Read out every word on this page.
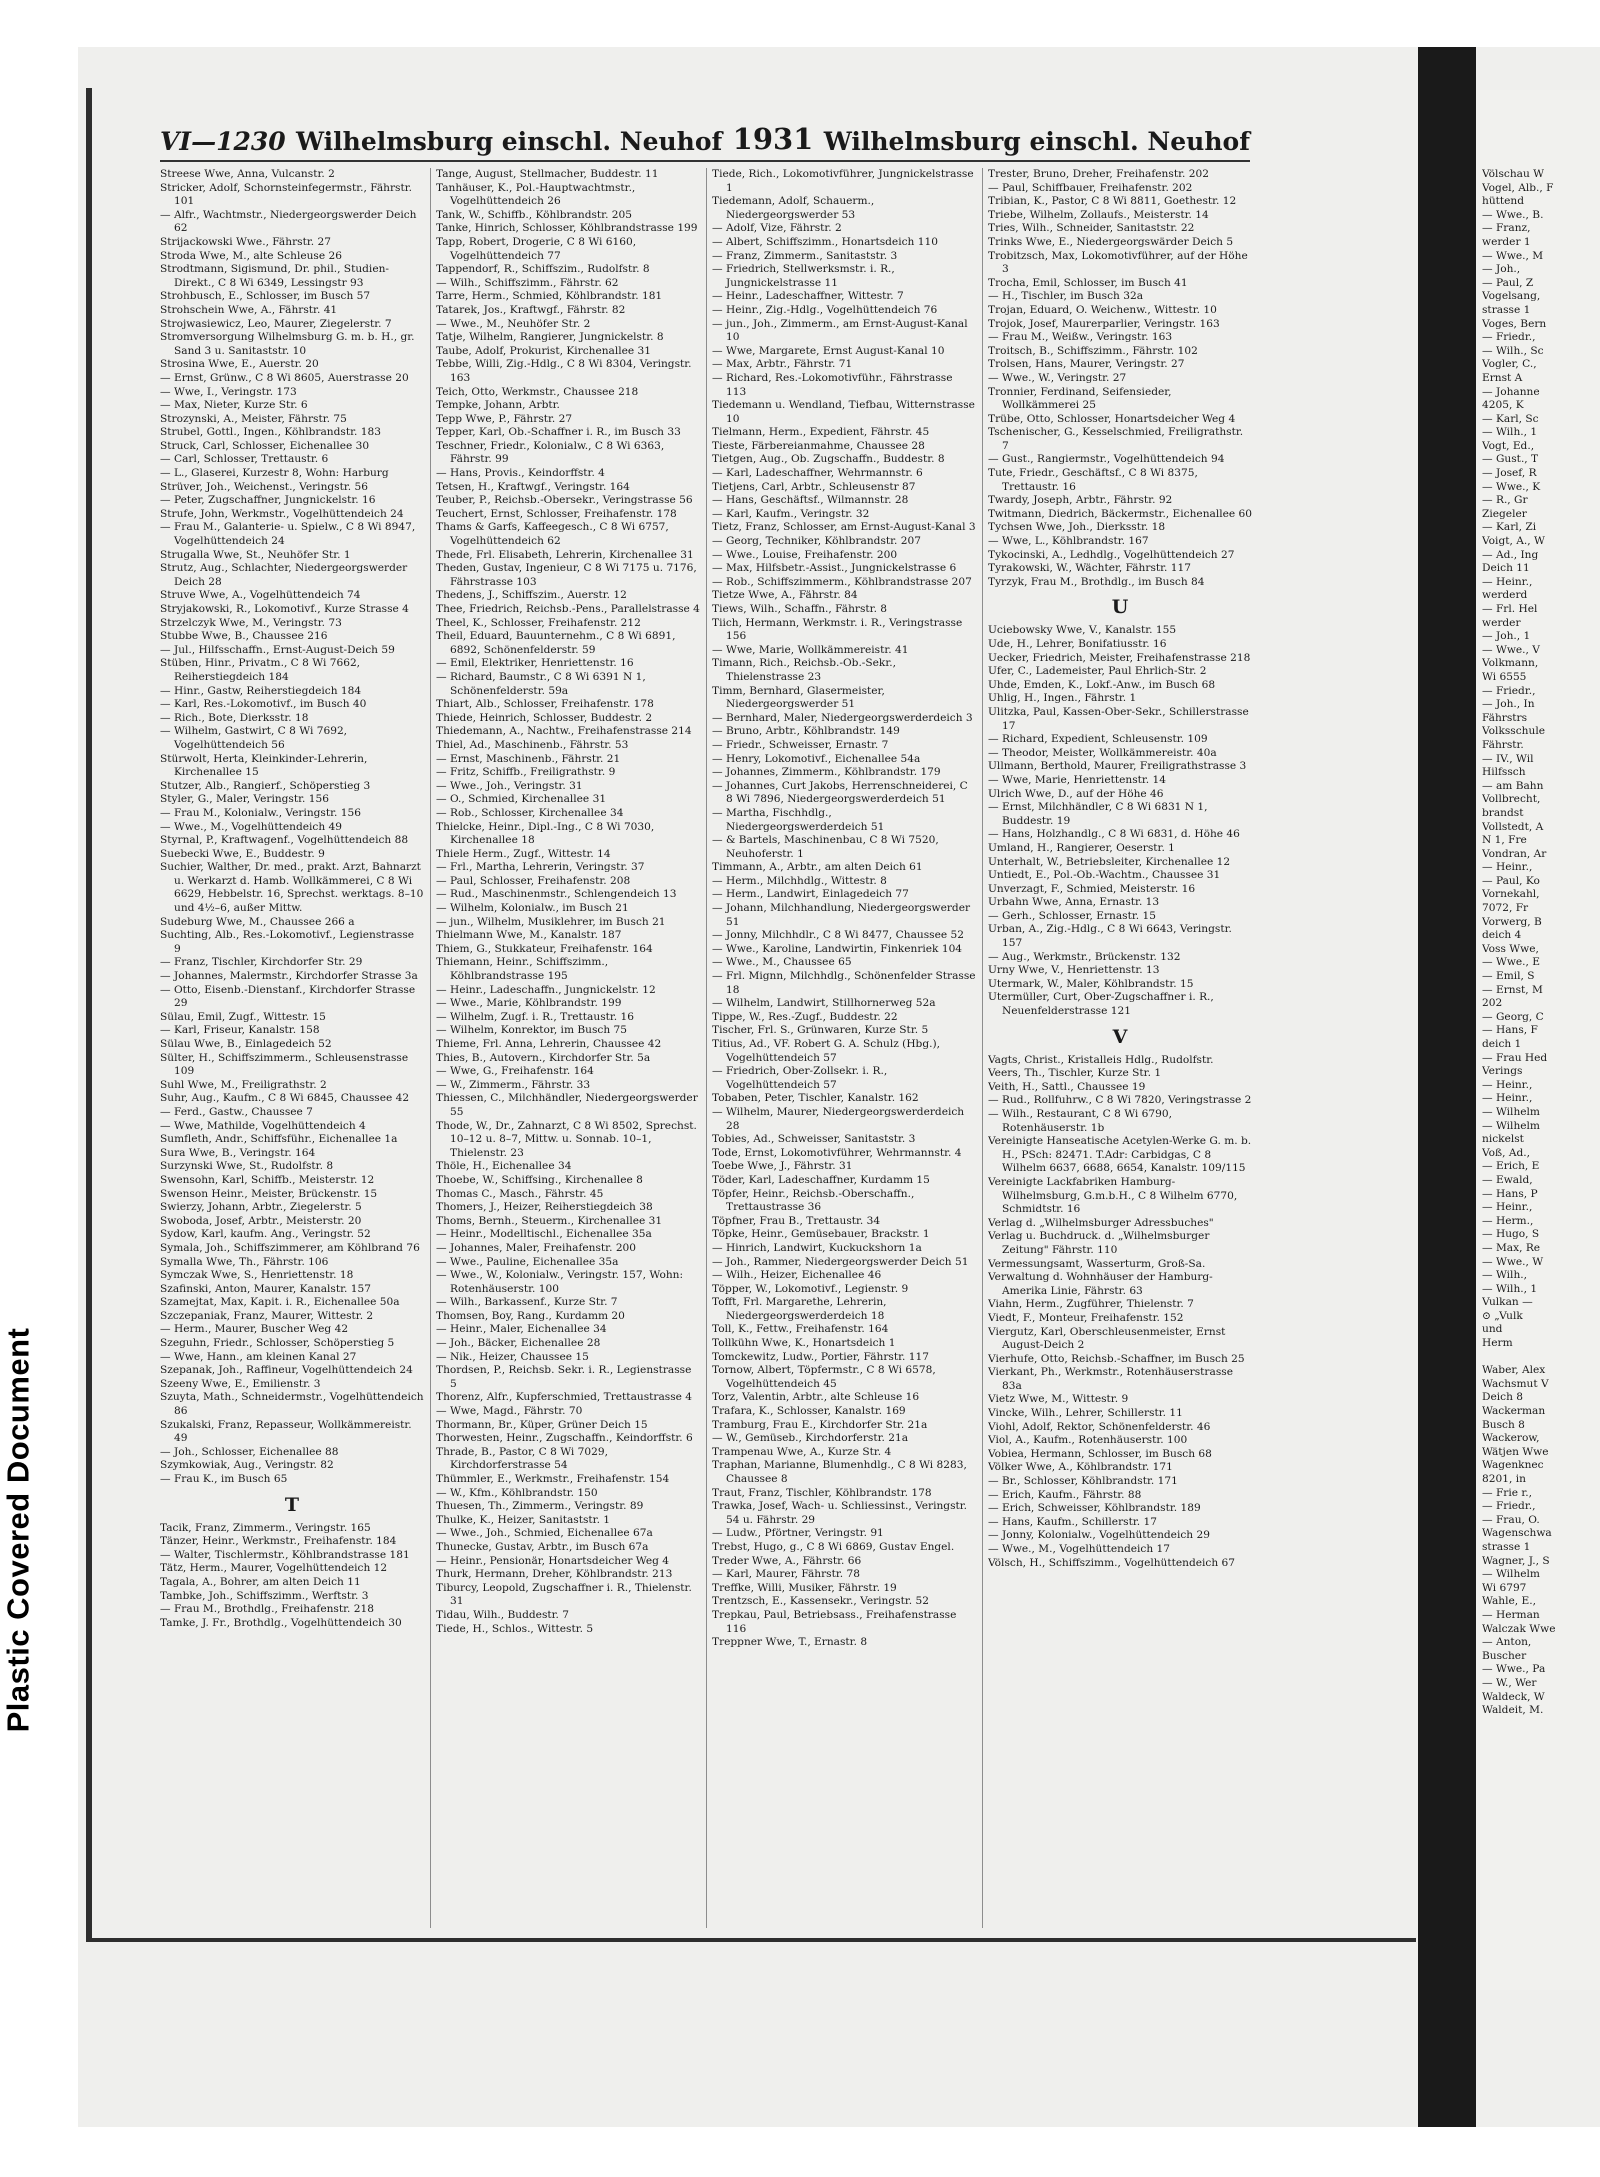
Plastic Covered Document
VI—1230 Wilhelmsburg einschl. Neuhof 1931 Wilhelmsburg einschl. Neuhof

Streese Wwe, Anna, Vulcanstr. 2

Stricker, Adolf, Schornsteinfegermstr., Fährstr. 101

— Alfr., Wachtmstr., Niedergeorgswerder Deich 62

Strijackowski Wwe., Fährstr. 27

Stroda Wwe, M., alte Schleuse 26

Strodtmann, Sigismund, Dr. phil., Studien-Direkt., C 8 Wi 6349, Lessingstr 93

Strohbusch, E., Schlosser, im Busch 57

Strohschein Wwe, A., Fährstr. 41

Strojwasiewicz, Leo, Maurer, Ziegelerstr. 7

Stromversorgung Wilhelmsburg G. m. b. H., gr. Sand 3 u. Sanitaststr. 10

Strosina Wwe, E., Auerstr. 20

— Ernst, Grünw., C 8 Wi 8605, Auerstrasse 20

— Wwe, I., Veringstr. 173

— Max, Nieter, Kurze Str. 6

Strozynski, A., Meister, Fährstr. 75

Strubel, Gottl., Ingen., Köhlbrandstr. 183

Struck, Carl, Schlosser, Eichenallee 30

— Carl, Schlosser, Trettaustr. 6

— L., Glaserei, Kurzestr 8, Wohn: Harburg

Strüver, Joh., Weichenst., Veringstr. 56

— Peter, Zugschaffner, Jungnickelstr. 16

Strufe, John, Werkmstr., Vogelhüttendeich 24

— Frau M., Galanterie- u. Spielw., C 8 Wi 8947, Vogelhüttendeich 24

Strugalla Wwe, St., Neuhöfer Str. 1

Strutz, Aug., Schlachter, Niedergeorgswerder Deich 28

Struve Wwe, A., Vogelhüttendeich 74

Stryjakowski, R., Lokomotivf., Kurze Strasse 4

Strzelczyk Wwe, M., Veringstr. 73

Stubbe Wwe, B., Chaussee 216

— Jul., Hilfsschaffn., Ernst-August-Deich 59

Stüben, Hinr., Privatm., C 8 Wi 7662, Reiherstiegdeich 184

— Hinr., Gastw, Reiherstiegdeich 184

— Karl, Res.-Lokomotivf., im Busch 40

— Rich., Bote, Dierksstr. 18

— Wilhelm, Gastwirt, C 8 Wi 7692, Vogelhüttendeich 56

Stürwolt, Herta, Kleinkinder-Lehrerin, Kirchenallee 15

Stutzer, Alb., Rangierf., Schöperstieg 3

Styler, G., Maler, Veringstr. 156

— Frau M., Kolonialw., Veringstr. 156

— Wwe., M., Vogelhüttendeich 49

Styrnal, P., Kraftwagenf., Vogelhüttendeich 88

Suebecki Wwe, E., Buddestr. 9

Suchier, Walther, Dr. med., prakt. Arzt, Bahnarzt u. Werkarzt d. Hamb. Wollkämmerei, C 8 Wi 6629, Hebbelstr. 16, Sprechst. werktags. 8–10 und 4½–6, außer Mittw.

Sudeburg Wwe, M., Chaussee 266 a

Suchting, Alb., Res.-Lokomotivf., Legienstrasse 9

— Franz, Tischler, Kirchdorfer Str. 29

— Johannes, Malermstr., Kirchdorfer Strasse 3a

— Otto, Eisenb.-Dienstanf., Kirchdorfer Strasse 29

Sülau, Emil, Zugf., Wittestr. 15

— Karl, Friseur, Kanalstr. 158

Sülau Wwe, B., Einlagedeich 52

Sülter, H., Schiffszimmerm., Schleusenstrasse 109

Suhl Wwe, M., Freiligrathstr. 2

Suhr, Aug., Kaufm., C 8 Wi 6845, Chaussee 42

— Ferd., Gastw., Chaussee 7

— Wwe, Mathilde, Vogelhüttendeich 4

Sumfleth, Andr., Schiffsführ., Eichenallee 1a

Sura Wwe, B., Veringstr. 164

Surzynski Wwe, St., Rudolfstr. 8

Swensohn, Karl, Schiffb., Meisterstr. 12

Swenson Heinr., Meister, Brückenstr. 15

Swierzy, Johann, Arbtr., Ziegelerstr. 5

Swoboda, Josef, Arbtr., Meisterstr. 20

Sydow, Karl, kaufm. Ang., Veringstr. 52

Symala, Joh., Schiffszimmerer, am Köhlbrand 76

Symalla Wwe, Th., Fährstr. 106

Symczak Wwe, S., Henriettenstr. 18

Szafinski, Anton, Maurer, Kanalstr. 157

Szamejtat, Max, Kapit. i. R., Eichenallee 50a

Szczepaniak, Franz, Maurer, Wittestr. 2

— Herm., Maurer, Buscher Weg 42

Szeguhn, Friedr., Schlosser, Schöperstieg 5

— Wwe, Hann., am kleinen Kanal 27

Szepanak, Joh., Raffineur, Vogelhüttendeich 24

Szeeny Wwe, E., Emilienstr. 3

Szuyta, Math., Schneidermstr., Vogelhüttendeich 86

Szukalski, Franz, Repasseur, Wollkämmereistr. 49

— Joh., Schlosser, Eichenallee 88

Szymkowiak, Aug., Veringstr. 82

— Frau K., im Busch 65

T

Tacik, Franz, Zimmerm., Veringstr. 165

Tänzer, Heinr., Werkmstr., Freihafenstr. 184

— Walter, Tischlermstr., Köhlbrandstrasse 181

Tätz, Herm., Maurer, Vogelhüttendeich 12

Tagala, A., Bohrer, am alten Deich 11

Tambke, Joh., Schiffszimm., Werftstr. 3

— Frau M., Brothdlg., Freihafenstr. 218

Tamke, J. Fr., Brothdlg., Vogelhüttendeich 30

Tange, August, Stellmacher, Buddestr. 11

Tanhäuser, K., Pol.-Hauptwachtmstr., Vogelhüttendeich 26

Tank, W., Schiffb., Köhlbrandstr. 205

Tanke, Hinrich, Schlosser, Köhlbrandstrasse 199

Tapp, Robert, Drogerie, C 8 Wi 6160, Vogelhüttendeich 77

Tappendorf, R., Schiffszim., Rudolfstr. 8

— Wilh., Schiffszimm., Fährstr. 62

Tarre, Herm., Schmied, Köhlbrandstr. 181

Tatarek, Jos., Kraftwgf., Fährstr. 82

— Wwe., M., Neuhöfer Str. 2

Tatje, Wilhelm, Rangierer, Jungnickelstr. 8

Taube, Adolf, Prokurist, Kirchenallee 31

Tebbe, Willi, Zig.-Hdlg., C 8 Wi 8304, Veringstr. 163

Teich, Otto, Werkmstr., Chaussee 218

Tempke, Johann, Arbtr.

Tepp Wwe, P., Fährstr. 27

Tepper, Karl, Ob.-Schaffner i. R., im Busch 33

Teschner, Friedr., Kolonialw., C 8 Wi 6363, Fährstr. 99

— Hans, Provis., Keindorffstr. 4

Tetsen, H., Kraftwgf., Veringstr. 164

Teuber, P., Reichsb.-Obersekr., Veringstrasse 56

Teuchert, Ernst, Schlosser, Freihafenstr. 178

Thams & Garfs, Kaffeegesch., C 8 Wi 6757, Vogelhüttendeich 62

Thede, Frl. Elisabeth, Lehrerin, Kirchenallee 31

Theden, Gustav, Ingenieur, C 8 Wi 7175 u. 7176, Fährstrasse 103

Thedens, J., Schiffszim., Auerstr. 12

Thee, Friedrich, Reichsb.-Pens., Parallelstrasse 4

Theel, K., Schlosser, Freihafenstr. 212

Theil, Eduard, Bauunternehm., C 8 Wi 6891, 6892, Schönenfelderstr. 59

— Emil, Elektriker, Henriettenstr. 16

— Richard, Baumstr., C 8 Wi 6391 N 1, Schönenfelderstr. 59a

Thiart, Alb., Schlosser, Freihafenstr. 178

Thiede, Heinrich, Schlosser, Buddestr. 2

Thiedemann, A., Nachtw., Freihafenstrasse 214

Thiel, Ad., Maschinenb., Fährstr. 53

— Ernst, Maschinenb., Fährstr. 21

— Fritz, Schiffb., Freiligrathstr. 9

— Wwe., Joh., Veringstr. 31

— O., Schmied, Kirchenallee 31

— Rob., Schlosser, Kirchenallee 34

Thielcke, Heinr., Dipl.-Ing., C 8 Wi 7030, Kirchenallee 18

Thiele Herm., Zugf., Wittestr. 14

— Frl., Martha, Lehrerin, Veringstr. 37

— Paul, Schlosser, Freihafenstr. 208

— Rud., Maschinenmstr., Schlengendeich 13

— Wilhelm, Kolonialw., im Busch 21

— jun., Wilhelm, Musiklehrer, im Busch 21

Thielmann Wwe, M., Kanalstr. 187

Thiem, G., Stukkateur, Freihafenstr. 164

Thiemann, Heinr., Schiffszimm., Köhlbrandstrasse 195

— Heinr., Ladeschaffn., Jungnickelstr. 12

— Wwe., Marie, Köhlbrandstr. 199

— Wilhelm, Zugf. i. R., Trettaustr. 16

— Wilhelm, Konrektor, im Busch 75

Thieme, Frl. Anna, Lehrerin, Chaussee 42

Thies, B., Autovern., Kirchdorfer Str. 5a

— Wwe, G., Freihafenstr. 164

— W., Zimmerm., Fährstr. 33

Thiessen, C., Milchhändler, Niedergeorgswerder 55

Thode, W., Dr., Zahnarzt, C 8 Wi 8502, Sprechst. 10–12 u. 8–7, Mittw. u. Sonnab. 10–1, Thielenstr. 23

Thöle, H., Eichenallee 34

Thoebe, W., Schiffsing., Kirchenallee 8

Thomas C., Masch., Fährstr. 45

Thomers, J., Heizer, Reiherstiegdeich 38

Thoms, Bernh., Steuerm., Kirchenallee 31

— Heinr., Modelltischl., Eichenallee 35a

— Johannes, Maler, Freihafenstr. 200

— Wwe., Pauline, Eichenallee 35a

— Wwe., W., Kolonialw., Veringstr. 157, Wohn: Rotenhäuserstr. 100

— Wilh., Barkassenf., Kurze Str. 7

Thomsen, Boy, Rang., Kurdamm 20

— Heinr., Maler, Eichenallee 34

— Joh., Bäcker, Eichenallee 28

— Nik., Heizer, Chaussee 15

Thordsen, P., Reichsb. Sekr. i. R., Legienstrasse 5

Thorenz, Alfr., Kupferschmied, Trettaustrasse 4

— Wwe, Magd., Fährstr. 70

Thormann, Br., Küper, Grüner Deich 15

Thorwesten, Heinr., Zugschaffn., Keindorffstr. 6

Thrade, B., Pastor, C 8 Wi 7029, Kirchdorferstrasse 54

Thümmler, E., Werkmstr., Freihafenstr. 154

— W., Kfm., Köhlbrandstr. 150

Thuesen, Th., Zimmerm., Veringstr. 89

Thulke, K., Heizer, Sanitaststr. 1

— Wwe., Joh., Schmied, Eichenallee 67a

Thunecke, Gustav, Arbtr., im Busch 67a

— Heinr., Pensionär, Honartsdeicher Weg 4

Thurk, Hermann, Dreher, Köhlbrandstr. 213

Tiburcy, Leopold, Zugschaffner i. R., Thielenstr. 31

Tidau, Wilh., Buddestr. 7

Tiede, H., Schlos., Wittestr. 5

Tiede, Rich., Lokomotivführer, Jungnickelstrasse 1

Tiedemann, Adolf, Schauerm., Niedergeorgswerder 53

— Adolf, Vize, Fährstr. 2

— Albert, Schiffszimm., Honartsdeich 110

— Franz, Zimmerm., Sanitaststr. 3

— Friedrich, Stellwerksmstr. i. R., Jungnickelstrasse 11

— Heinr., Ladeschaffner, Wittestr. 7

— Heinr., Zig.-Hdlg., Vogelhüttendeich 76

— jun., Joh., Zimmerm., am Ernst-August-Kanal 10

— Wwe, Margarete, Ernst August-Kanal 10

— Max, Arbtr., Fährstr. 71

— Richard, Res.-Lokomotivführ., Fährstrasse 113

Tiedemann u. Wendland, Tiefbau, Witternstrasse 10

Tielmann, Herm., Expedient, Fährstr. 45

Tieste, Färbereianmahme, Chaussee 28

Tietgen, Aug., Ob. Zugschaffn., Buddestr. 8

— Karl, Ladeschaffner, Wehrmannstr. 6

Tietjens, Carl, Arbtr., Schleusenstr 87

— Hans, Geschäftsf., Wilmannstr. 28

— Karl, Kaufm., Veringstr. 32

Tietz, Franz, Schlosser, am Ernst-August-Kanal 3

— Georg, Techniker, Köhlbrandstr. 207

— Wwe., Louise, Freihafenstr. 200

— Max, Hilfsbetr.-Assist., Jungnickelstrasse 6

— Rob., Schiffszimmerm., Köhlbrandstrasse 207

Tietze Wwe, A., Fährstr. 84

Tiews, Wilh., Schaffn., Fährstr. 8

Tiich, Hermann, Werkmstr. i. R., Veringstrasse 156

— Wwe, Marie, Wollkämmereistr. 41

Timann, Rich., Reichsb.-Ob.-Sekr., Thielenstrasse 23

Timm, Bernhard, Glasermeister, Niedergeorgswerder 51

— Bernhard, Maler, Niedergeorgswerderdeich 3

— Bruno, Arbtr., Köhlbrandstr. 149

— Friedr., Schweisser, Ernastr. 7

— Henry, Lokomotivf., Eichenallee 54a

— Johannes, Zimmerm., Köhlbrandstr. 179

— Johannes, Curt Jakobs, Herrenschneiderei, C 8 Wi 7896, Niedergeorgswerderdeich 51

— Martha, Fischhdlg., Niedergeorgswerderdeich 51

— & Bartels, Maschinenbau, C 8 Wi 7520, Neuhoferstr. 1

Timmann, A., Arbtr., am alten Deich 61

— Herm., Milchhdlg., Wittestr. 8

— Herm., Landwirt, Einlagedeich 77

— Johann, Milchhandlung, Niedergeorgswerder 51

— Jonny, Milchhdlr., C 8 Wi 8477, Chaussee 52

— Wwe., Karoline, Landwirtin, Finkenriek 104

— Wwe., M., Chaussee 65

— Frl. Mignn, Milchhdlg., Schönenfelder Strasse 18

— Wilhelm, Landwirt, Stillhornerweg 52a

Tippe, W., Res.-Zugf., Buddestr. 22

Tischer, Frl. S., Grünwaren, Kurze Str. 5

Titius, Ad., VF. Robert G. A. Schulz (Hbg.), Vogelhüttendeich 57

— Friedrich, Ober-Zollsekr. i. R., Vogelhüttendeich 57

Tobaben, Peter, Tischler, Kanalstr. 162

— Wilhelm, Maurer, Niedergeorgswerderdeich 28

Tobies, Ad., Schweisser, Sanitaststr. 3

Tode, Ernst, Lokomotivführer, Wehrmannstr. 4

Toebe Wwe, J., Fährstr. 31

Töder, Karl, Ladeschaffner, Kurdamm 15

Töpfer, Heinr., Reichsb.-Oberschaffn., Trettaustrasse 36

Töpfner, Frau B., Trettaustr. 34

Töpke, Heinr., Gemüsebauer, Brackstr. 1

— Hinrich, Landwirt, Kuckuckshorn 1a

— Joh., Rammer, Niedergeorgswerder Deich 51

— Wilh., Heizer, Eichenallee 46

Töpper, W., Lokomotivf., Legienstr. 9

Tofft, Frl. Margarethe, Lehrerin, Niedergeorgswerderdeich 18

Toll, K., Fettw., Freihafenstr. 164

Tollkühn Wwe, K., Honartsdeich 1

Tomckewitz, Ludw., Portier, Fährstr. 117

Tornow, Albert, Töpfermstr., C 8 Wi 6578, Vogelhüttendeich 45

Torz, Valentin, Arbtr., alte Schleuse 16

Trafara, K., Schlosser, Kanalstr. 169

Tramburg, Frau E., Kirchdorfer Str. 21a

— W., Gemüseb., Kirchdorferstr. 21a

Trampenau Wwe, A., Kurze Str. 4

Traphan, Marianne, Blumenhdlg., C 8 Wi 8283, Chaussee 8

Traut, Franz, Tischler, Köhlbrandstr. 178

Trawka, Josef, Wach- u. Schliessinst., Veringstr. 54 u. Fährstr. 29

— Ludw., Pförtner, Veringstr. 91

Trebst, Hugo, g., C 8 Wi 6869, Gustav Engel.

Treder Wwe, A., Fährstr. 66

— Karl, Maurer, Fährstr. 78

Treffke, Willi, Musiker, Fährstr. 19

Trentzsch, E., Kassensekr., Veringstr. 52

Trepkau, Paul, Betriebsass., Freihafenstrasse 116

Treppner Wwe, T., Ernastr. 8

Trester, Bruno, Dreher, Freihafenstr. 202

— Paul, Schiffbauer, Freihafenstr. 202

Tribian, K., Pastor, C 8 Wi 8811, Goethestr. 12

Triebe, Wilhelm, Zollaufs., Meisterstr. 14

Tries, Wilh., Schneider, Sanitaststr. 22

Trinks Wwe, E., Niedergeorgswärder Deich 5

Trobitzsch, Max, Lokomotivführer, auf der Höhe 3

Trocha, Emil, Schlosser, im Busch 41

— H., Tischler, im Busch 32a

Trojan, Eduard, O. Weichenw., Wittestr. 10

Trojok, Josef, Maurerparlier, Veringstr. 163

— Frau M., Weißw., Veringstr. 163

Troitsch, B., Schiffszimm., Fährstr. 102

Trolsen, Hans, Maurer, Veringstr. 27

— Wwe., W., Veringstr. 27

Tronnier, Ferdinand, Seifensieder, Wollkämmerei 25

Trübe, Otto, Schlosser, Honartsdeicher Weg 4

Tschenischer, G., Kesselschmied, Freiligrathstr. 7

— Gust., Rangiermstr., Vogelhüttendeich 94

Tute, Friedr., Geschäftsf., C 8 Wi 8375, Trettaustr. 16

Twardy, Joseph, Arbtr., Fährstr. 92

Twitmann, Diedrich, Bäckermstr., Eichenallee 60

Tychsen Wwe, Joh., Dierksstr. 18

— Wwe, L., Köhlbrandstr. 167

Tykocinski, A., Ledhdlg., Vogelhüttendeich 27

Tyrakowski, W., Wächter, Fährstr. 117

Tyrzyk, Frau M., Brothdlg., im Busch 84

U

Uciebowsky Wwe, V., Kanalstr. 155

Ude, H., Lehrer, Bonifatiusstr. 16

Uecker, Friedrich, Meister, Freihafenstrasse 218

Ufer, C., Lademeister, Paul Ehrlich-Str. 2

Uhde, Emden, K., Lokf.-Anw., im Busch 68

Uhlig, H., Ingen., Fährstr. 1

Ulitzka, Paul, Kassen-Ober-Sekr., Schillerstrasse 17

— Richard, Expedient, Schleusenstr. 109

— Theodor, Meister, Wollkämmereistr. 40a

Ullmann, Berthold, Maurer, Freiligrathstrasse 3

— Wwe, Marie, Henriettenstr. 14

Ulrich Wwe, D., auf der Höhe 46

— Ernst, Milchhändler, C 8 Wi 6831 N 1, Buddestr. 19

— Hans, Holzhandlg., C 8 Wi 6831, d. Höhe 46

Umland, H., Rangierer, Oeserstr. 1

Unterhalt, W., Betriebsleiter, Kirchenallee 12

Untiedt, E., Pol.-Ob.-Wachtm., Chaussee 31

Unverzagt, F., Schmied, Meisterstr. 16

Urbahn Wwe, Anna, Ernastr. 13

— Gerh., Schlosser, Ernastr. 15

Urban, A., Zig.-Hdlg., C 8 Wi 6643, Veringstr. 157

— Aug., Werkmstr., Brückenstr. 132

Urny Wwe, V., Henriettenstr. 13

Utermark, W., Maler, Köhlbrandstr. 15

Utermüller, Curt, Ober-Zugschaffner i. R., Neuenfelderstrasse 121

V

Vagts, Christ., Kristalleis Hdlg., Rudolfstr.

Veers, Th., Tischler, Kurze Str. 1

Veith, H., Sattl., Chaussee 19

— Rud., Rollfuhrw., C 8 Wi 7820, Veringstrasse 2

— Wilh., Restaurant, C 8 Wi 6790, Rotenhäuserstr. 1b

Vereinigte Hanseatische Acetylen-Werke G. m. b. H., PSch: 82471. T.Adr: Carbidgas, C 8 Wilhelm 6637, 6688, 6654, Kanalstr. 109/115

Vereinigte Lackfabriken Hamburg-Wilhelmsburg, G.m.b.H., C 8 Wilhelm 6770, Schmidtstr. 16

Verlag d. „Wilhelmsburger Adressbuches"

Verlag u. Buchdruck. d. „Wilhelmsburger Zeitung" Fährstr. 110

Vermessungsamt, Wasserturm, Groß-Sa.

Verwaltung d. Wohnhäuser der Hamburg-Amerika Linie, Fährstr. 63

Viahn, Herm., Zugführer, Thielenstr. 7

Viedt, F., Monteur, Freihafenstr. 152

Viergutz, Karl, Oberschleusenmeister, Ernst August-Deich 2

Vierhufe, Otto, Reichsb.-Schaffner, im Busch 25

Vierkant, Ph., Werkmstr., Rotenhäuserstrasse 83a

Vietz Wwe, M., Wittestr. 9

Vincke, Wilh., Lehrer, Schillerstr. 11

Viohl, Adolf, Rektor, Schönenfelderstr. 46

Viol, A., Kaufm., Rotenhäuserstr. 100

Vobiea, Hermann, Schlosser, im Busch 68

Völker Wwe, A., Köhlbrandstr. 171

— Br., Schlosser, Köhlbrandstr. 171

— Erich, Kaufm., Fährstr. 88

— Erich, Schweisser, Köhlbrandstr. 189

— Hans, Kaufm., Schillerstr. 17

— Jonny, Kolonialw., Vogelhüttendeich 29

— Wwe., M., Vogelhüttendeich 17

Völsch, H., Schiffszimm., Vogelhüttendeich 67

Völschau W

Vogel, Alb., F

hüttend

— Wwe., B.

— Franz,

werder 1

— Wwe., M

— Joh.,

— Paul, Z

Vogelsang,

strasse 1

Voges, Bern

— Friedr.,

— Wilh., Sc

Vogler, C.,

Ernst A

— Johanne

4205, K

— Karl, Sc

— Wilh., 1

Vogt, Ed.,

— Gust., T

— Josef, R

— Wwe., K

— R., Gr

Ziegeler

— Karl, Zi

Voigt, A., W

— Ad., Ing

Deich 11

— Heinr.,

werderd

— Frl. Hel

werder

— Joh., 1

— Wwe., V

Volkmann,

Wi 6555

— Friedr.,

— Joh., In

Fährstrs

Volksschule

Fährstr.

— IV., Wil

Hilfssch

— am Bahn

Vollbrecht,

brandst

Vollstedt, A

N 1, Fre

Vondran, Ar

— Heinr.,

— Paul, Ko

Vornekahl,

7072, Fr

Vorwerg, B

deich 4

Voss Wwe,

— Wwe., E

— Emil, S

— Ernst, M

202

— Georg, C

— Hans, F

deich 1

— Frau Hed

Verings

— Heinr.,

— Heinr.,

— Wilhelm

— Wilhelm

nickelst

Voß, Ad.,

— Erich, E

— Ewald,

— Hans, P

— Heinr.,

— Herm.,

— Hugo, S

— Max, Re

— Wwe., W

— Wilh.,

— Wilh., 1

Vulkan —

⊙ „Vulk

und

Herm

Waber, Alex

Wachsmut V

Deich 8

Wackerman

Busch 8

Wackerow,

Wätjen Wwe

Wagenknec

8201, in

— Frie r.,

— Friedr.,

— Frau, O.

Wagenschwa

strasse 1

Wagner, J., S

— Wilhelm

Wi 6797

Wahle, E.,

— Herman

Walczak Wwe

— Anton,

Buscher

— Wwe., Pa

— W., Wer

Waldeck, W

Waldeit, M.
